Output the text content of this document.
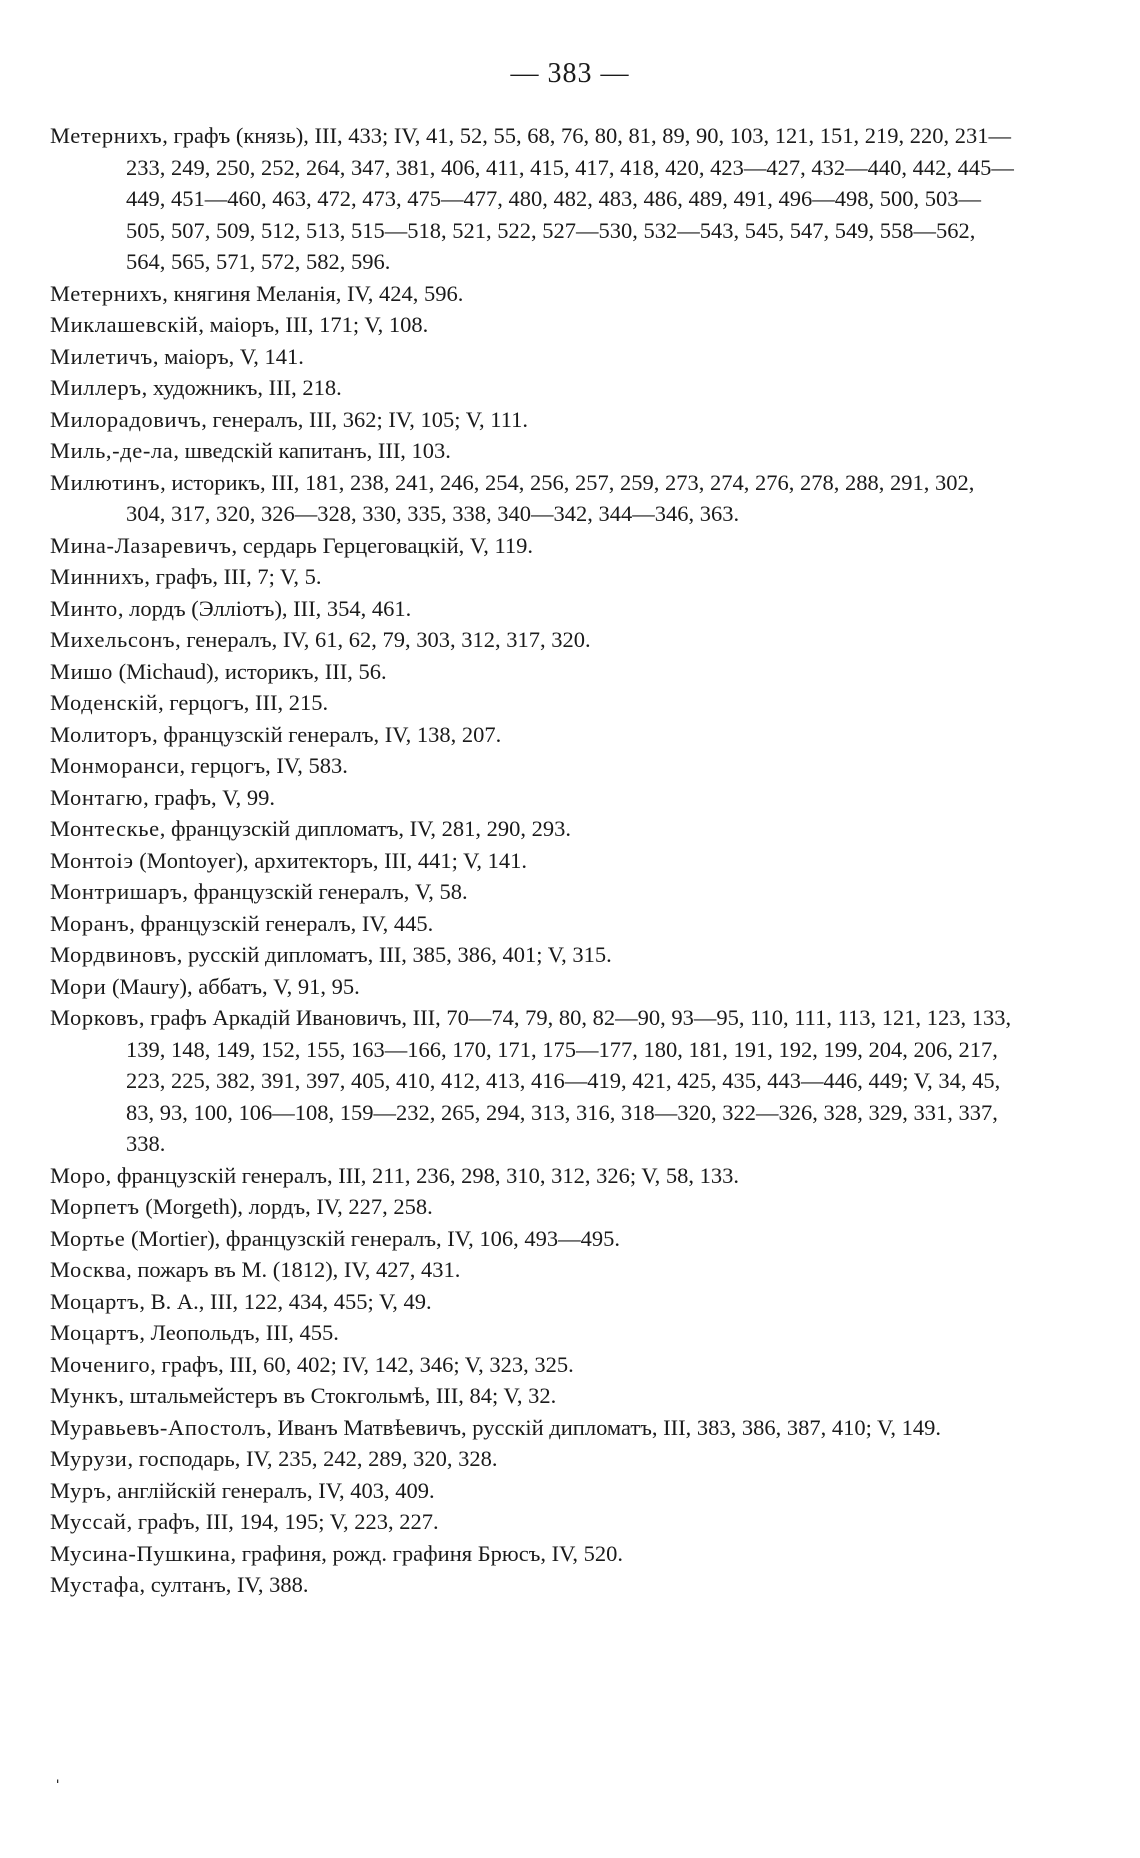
— 383 —

Метернихъ, графъ (князь), III, 433; IV, 41, 52, 55, 68, 76, 80, 81, 89, 90, 103, 121, 151, 219, 220, 231—233, 249, 250, 252, 264, 347, 381, 406, 411, 415, 417, 418, 420, 423—427, 432—440, 442, 445—449, 451—460, 463, 472, 473, 475—477, 480, 482, 483, 486, 489, 491, 496—498, 500, 503—505, 507, 509, 512, 513, 515—518, 521, 522, 527—530, 532—543, 545, 547, 549, 558—562, 564, 565, 571, 572, 582, 596.

Метернихъ, княгиня Меланія, IV, 424, 596.

Миклашевскій, маіоръ, III, 171; V, 108.

Милетичъ, маіоръ, V, 141.

Миллеръ, художникъ, III, 218.

Милорадовичъ, генералъ, III, 362; IV, 105; V, 111.

Миль,-де-ла, шведскій капитанъ, III, 103.

Милютинъ, историкъ, III, 181, 238, 241, 246, 254, 256, 257, 259, 273, 274, 276, 278, 288, 291, 302, 304, 317, 320, 326—328, 330, 335, 338, 340—342, 344—346, 363.

Мина-Лазаревичъ, сердарь Герцеговацкій, V, 119.

Миннихъ, графъ, III, 7; V, 5.

Минто, лордъ (Элліотъ), III, 354, 461.

Михельсонъ, генералъ, IV, 61, 62, 79, 303, 312, 317, 320.

Мишо (Michaud), историкъ, III, 56.

Моденскій, герцогъ, III, 215.

Молиторъ, французскій генералъ, IV, 138, 207.

Монморанси, герцогъ, IV, 583.

Монтагю, графъ, V, 99.

Монтескье, французскій дипломатъ, IV, 281, 290, 293.

Монтоіэ (Montoyer), архитекторъ, III, 441; V, 141.

Монтришаръ, французскій генералъ, V, 58.

Моранъ, французскій генералъ, IV, 445.

Мордвиновъ, русскій дипломатъ, III, 385, 386, 401; V, 315.

Мори (Maury), аббатъ, V, 91, 95.

Морковъ, графъ Аркадій Ивановичъ, III, 70—74, 79, 80, 82—90, 93—95, 110, 111, 113, 121, 123, 133, 139, 148, 149, 152, 155, 163—166, 170, 171, 175—177, 180, 181, 191, 192, 199, 204, 206, 217, 223, 225, 382, 391, 397, 405, 410, 412, 413, 416—419, 421, 425, 435, 443—446, 449; V, 34, 45, 83, 93, 100, 106—108, 159—232, 265, 294, 313, 316, 318—320, 322—326, 328, 329, 331, 337, 338.

Моро, французскій генералъ, III, 211, 236, 298, 310, 312, 326; V, 58, 133.

Морпетъ (Morgeth), лордъ, IV, 227, 258.

Мортье (Mortier), французскій генералъ, IV, 106, 493—495.

Москва, пожаръ въ М. (1812), IV, 427, 431.

Моцартъ, В. А., III, 122, 434, 455; V, 49.

Моцартъ, Леопольдъ, III, 455.

Мочениго, графъ, III, 60, 402; IV, 142, 346; V, 323, 325.

Мункъ, штальмейстеръ въ Стокгольмѣ, III, 84; V, 32.

Муравьевъ-Апостолъ, Иванъ Матвѣевичъ, русскій дипломатъ, III, 383, 386, 387, 410; V, 149.

Мурузи, господарь, IV, 235, 242, 289, 320, 328.

Муръ, англійскій генералъ, IV, 403, 409.

Муссай, графъ, III, 194, 195; V, 223, 227.

Мусина-Пушкина, графиня, рожд. графиня Брюсъ, IV, 520.

Мустафа, султанъ, IV, 388.

ˌ
